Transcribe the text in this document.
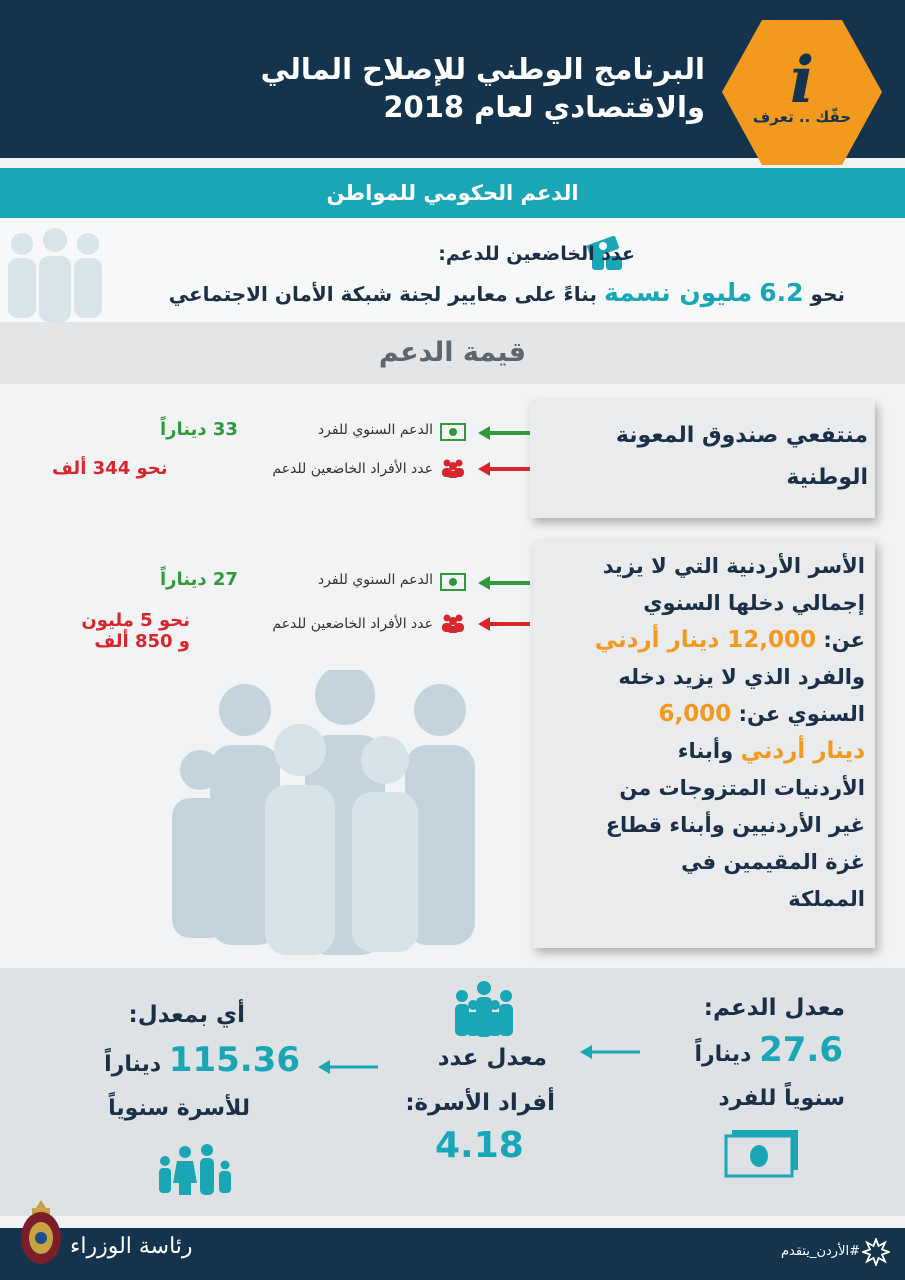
البرنامج الوطني للإصلاح المالي
والاقتصادي لعام 2018 i
حقّك .. تعرف
الدعم الحكومي للمواطن
عدد الخاضعين للدعم:
نحو 6.2 مليون نسمة بناءً على معايير لجنة شبكة الأمان الاجتماعي
قيمة الدعم
منتفعي صندوق المعونة
الوطنية
الدعم السنوي للفرد
33 ديناراً
عدد الأفراد الخاضعين للدعم
نحو 344 ألف
الأسر الأردنية التي لا يزيد
إجمالي دخلها السنوي
عن: 12,000 دينار أردني
والفرد الذي لا يزيد دخله
السنوي عن: 6,000
دينار أردني وأبناء
الأردنيات المتزوجات من
غير الأردنيين وأبناء قطاع
غزة المقيمين في
المملكة
الدعم السنوي للفرد
27 ديناراً
عدد الأفراد الخاضعين للدعم
نحو 5 مليون
و 850 ألف
معدل الدعم:
27.6 ديناراً
سنوياً للفرد
معدل عدد
أفراد الأسرة:
4.18
أي بمعدل:
115.36 ديناراً
للأسرة سنوياً
رئاسة الوزراء	#الأردن_يتقدم
